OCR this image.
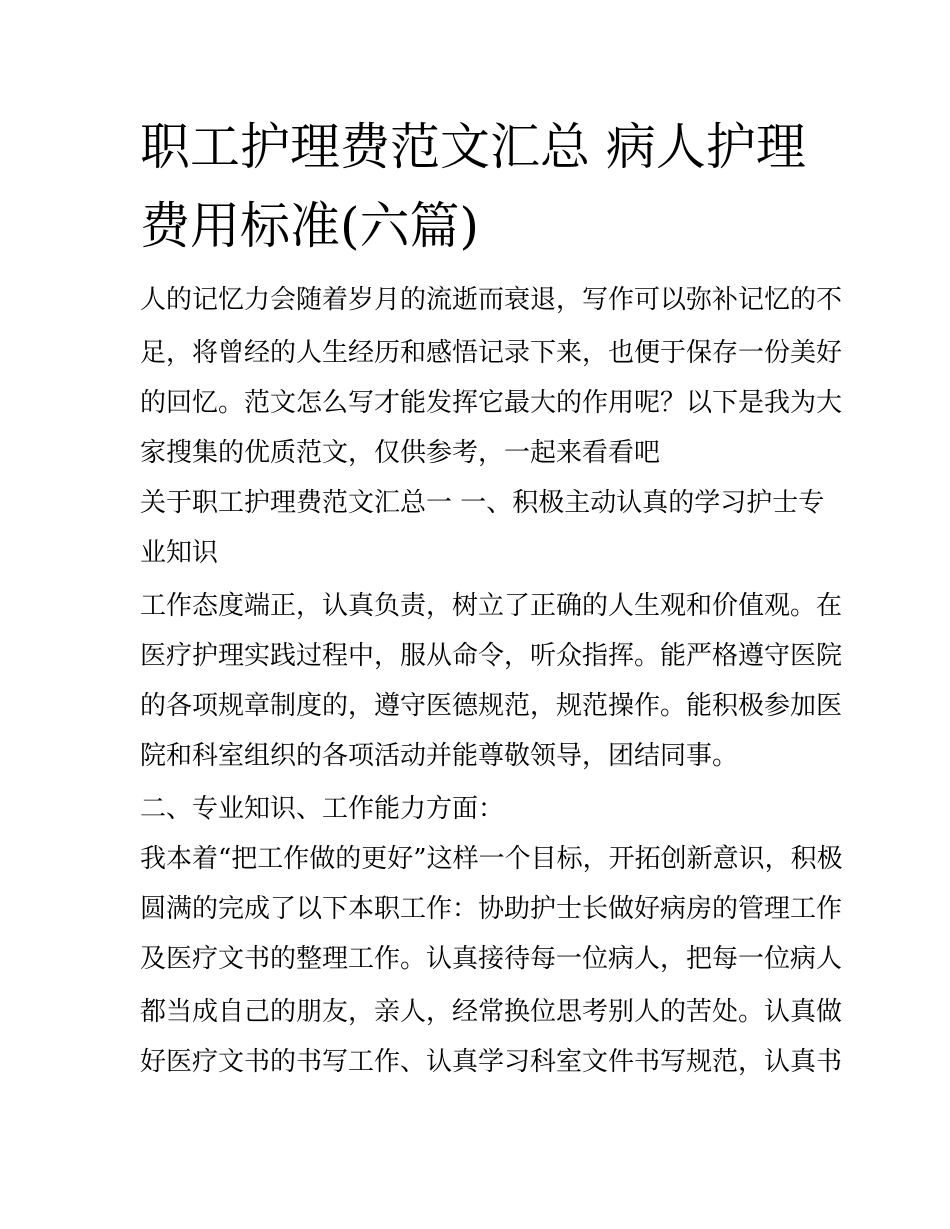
职工护理费范文汇总 病人护理
费用标准(六篇)
人的记忆力会随着岁月的流逝而衰退，写作可以弥补记忆的不
足，将曾经的人生经历和感悟记录下来，也便于保存一份美好
的回忆。范文怎么写才能发挥它最大的作用呢？以下是我为大
家搜集的优质范文，仅供参考，一起来看看吧
关于职工护理费范文汇总一 一、积极主动认真的学习护士专
业知识
工作态度端正，认真负责，树立了正确的人生观和价值观。在
医疗护理实践过程中，服从命令，听众指挥。能严格遵守医院
的各项规章制度的，遵守医德规范，规范操作。能积极参加医
院和科室组织的各项活动并能尊敬领导，团结同事。
二、专业知识、工作能力方面：
我本着“把工作做的更好”这样一个目标，开拓创新意识，积极
圆满的完成了以下本职工作：协助护士长做好病房的管理工作
及医疗文书的整理工作。认真接待每一位病人，把每一位病人
都当成自己的朋友，亲人，经常换位思考别人的苦处。认真做
好医疗文书的书写工作、认真学习科室文件书写规范，认真书
